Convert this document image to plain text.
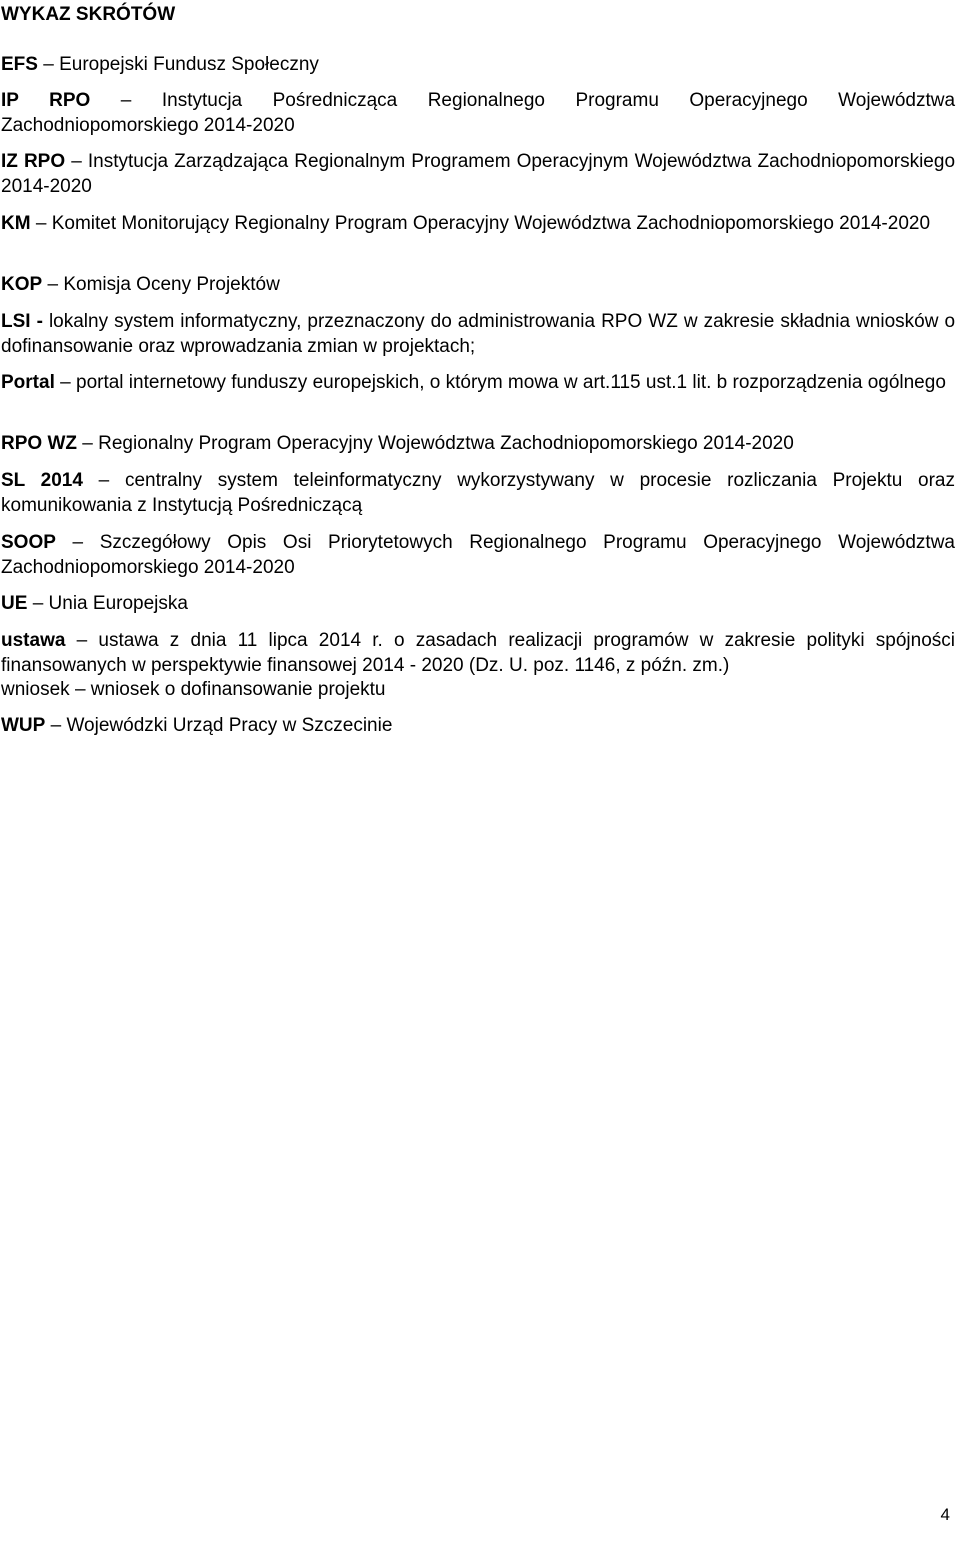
WYKAZ SKRÓTÓW

EFS – Europejski Fundusz Społeczny

IP RPO – Instytucja Pośrednicząca Regionalnego Programu Operacyjnego Województwa Zachodniopomorskiego 2014-2020

IZ RPO – Instytucja Zarządzająca Regionalnym Programem Operacyjnym Województwa Zachodniopomorskiego 2014-2020

KM – Komitet Monitorujący Regionalny Program Operacyjny Województwa Zachodniopomorskiego 2014-2020

KOP – Komisja Oceny Projektów

LSI - lokalny system informatyczny, przeznaczony do administrowania RPO WZ w zakresie składnia wniosków o dofinansowanie oraz wprowadzania zmian w projektach;

Portal – portal internetowy funduszy europejskich, o którym mowa w art.115 ust.1 lit. b rozporządzenia ogólnego

RPO WZ – Regionalny Program Operacyjny Województwa Zachodniopomorskiego 2014-2020

SL 2014 – centralny system teleinformatyczny wykorzystywany w procesie rozliczania Projektu oraz komunikowania z Instytucją Pośredniczącą

SOOP – Szczegółowy Opis Osi Priorytetowych Regionalnego Programu Operacyjnego Województwa Zachodniopomorskiego 2014-2020

UE – Unia Europejska

ustawa – ustawa z dnia 11 lipca 2014 r. o zasadach realizacji programów w zakresie polityki spójności finansowanych w perspektywie finansowej 2014 - 2020 (Dz. U. poz. 1146, z późn. zm.)

wniosek – wniosek o dofinansowanie projektu

WUP – Wojewódzki Urząd Pracy w Szczecinie

4
